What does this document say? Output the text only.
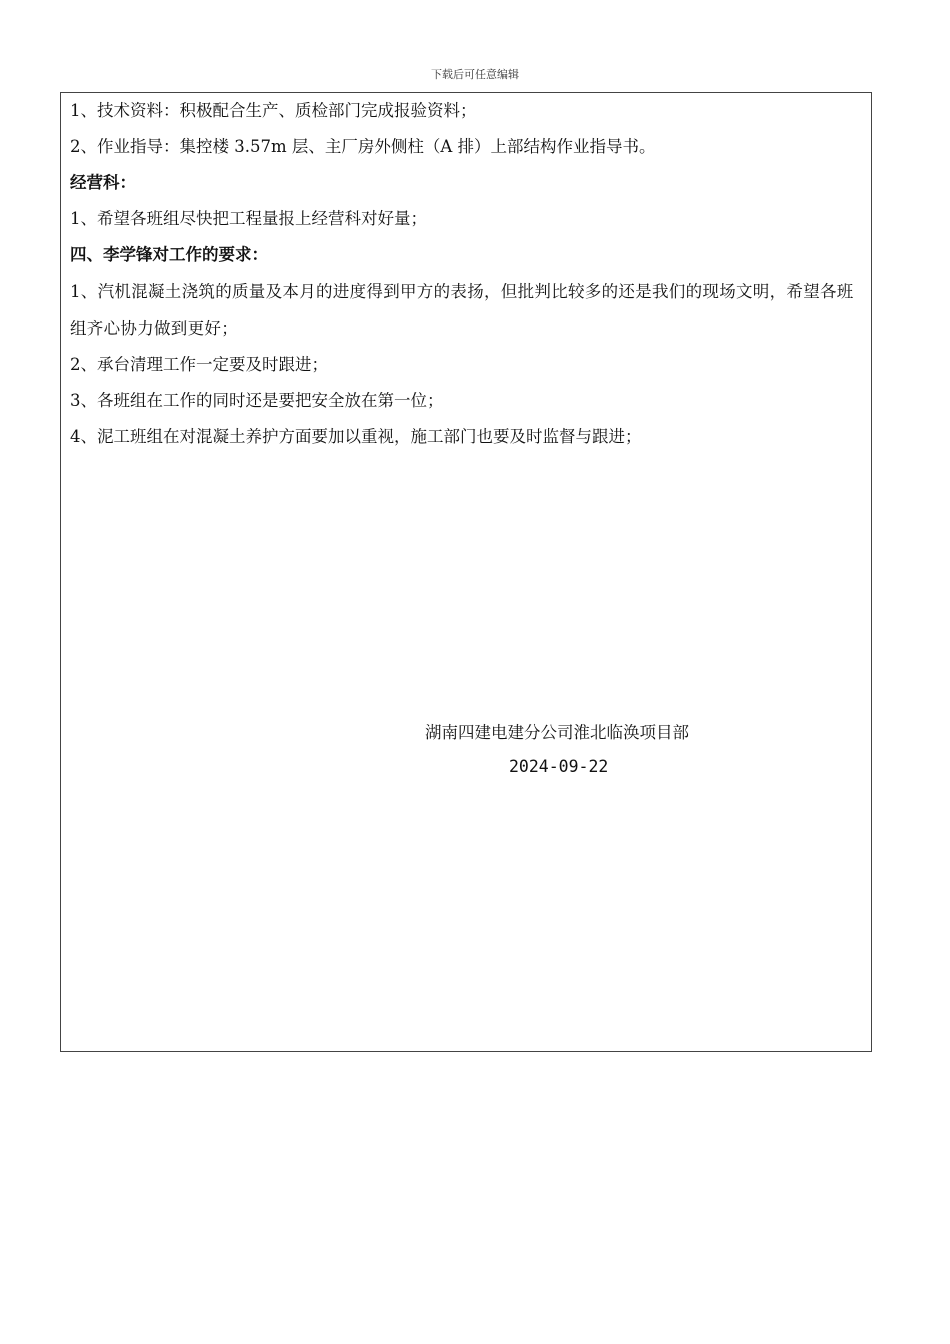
下载后可任意编辑
1、技术资料：积极配合生产、质检部门完成报验资料；
2、作业指导：集控楼 3.57m 层、主厂房外侧柱（A 排）上部结构作业指导书。
经营科：
1、希望各班组尽快把工程量报上经营科对好量；
四、李学锋对工作的要求：
1、汽机混凝土浇筑的质量及本月的进度得到甲方的表扬，但批判比较多的还是我们的现场文明，希望各班组齐心协力做到更好；
2、承台清理工作一定要及时跟进；
3、各班组在工作的同时还是要把安全放在第一位；
4、泥工班组在对混凝土养护方面要加以重视，施工部门也要及时监督与跟进；
湖南四建电建分公司淮北临涣项目部
2024-09-22
